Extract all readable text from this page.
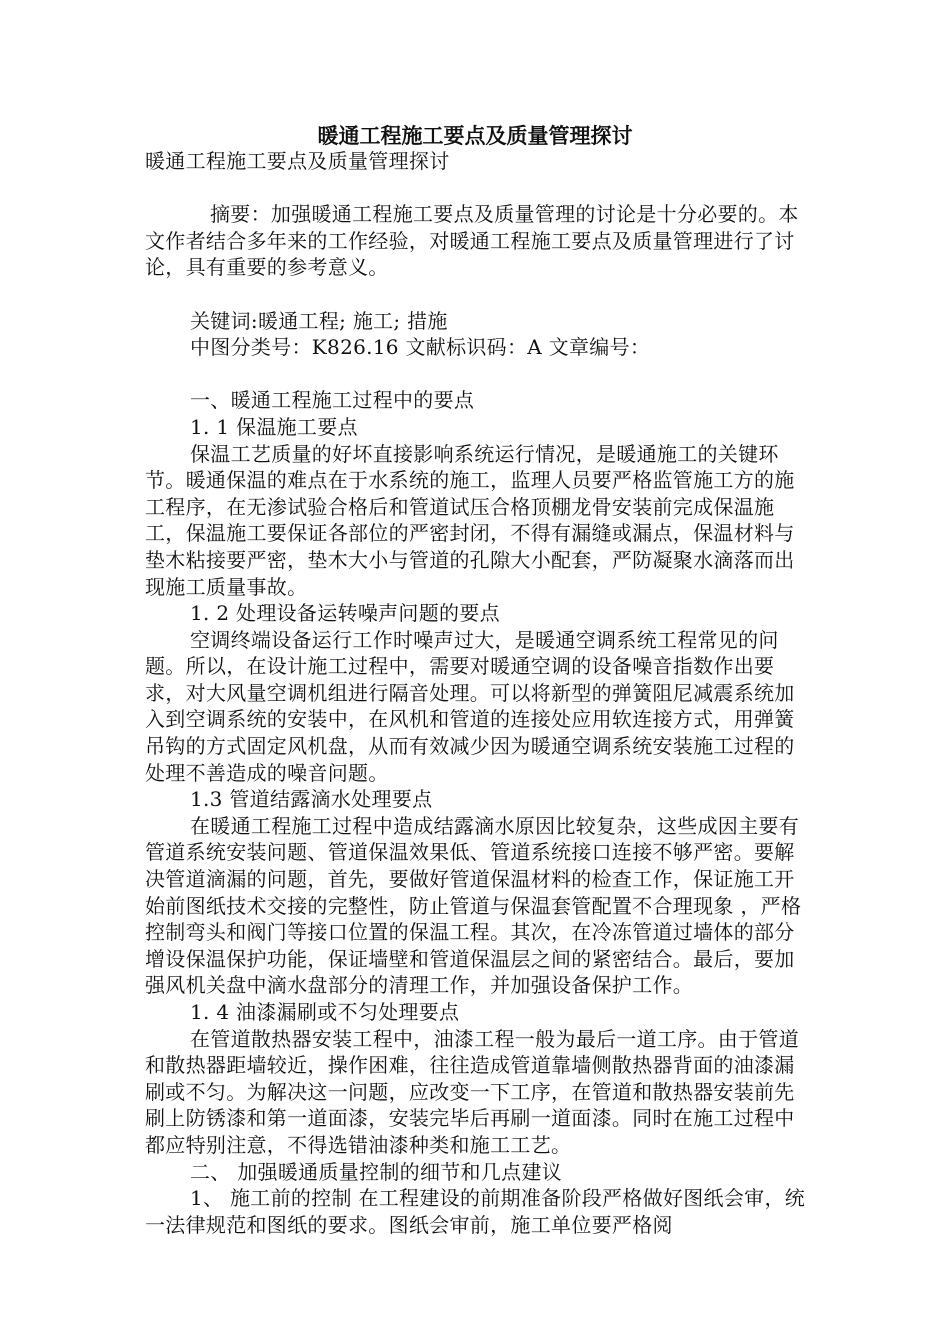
暖通工程施工要点及质量管理探讨

暖通工程施工要点及质量管理探讨

摘要：加强暖通工程施工要点及质量管理的讨论是十分必要的。本文作者结合多年来的工作经验，对暖通工程施工要点及质量管理进行了讨论，具有重要的参考意义。

关键词:暖通工程; 施工; 措施

中图分类号：K826.16 文献标识码：A 文章编号：

一、暖通工程施工过程中的要点

1. 1 保温施工要点

保温工艺质量的好坏直接影响系统运行情况，是暖通施工的关键环节。暖通保温的难点在于水系统的施工，监理人员要严格监管施工方的施工程序，在无渗试验合格后和管道试压合格顶棚龙骨安装前完成保温施工，保温施工要保证各部位的严密封闭，不得有漏缝或漏点，保温材料与垫木粘接要严密，垫木大小与管道的孔隙大小配套，严防凝聚水滴落而出现施工质量事故。

1. 2 处理设备运转噪声问题的要点

空调终端设备运行工作时噪声过大，是暖通空调系统工程常见的问题。所以，在设计施工过程中，需要对暖通空调的设备噪音指数作出要求，对大风量空调机组进行隔音处理。可以将新型的弹簧阻尼减震系统加入到空调系统的安装中，在风机和管道的连接处应用软连接方式，用弹簧吊钩的方式固定风机盘，从而有效减少因为暖通空调系统安装施工过程的处理不善造成的噪音问题。

1.3 管道结露滴水处理要点

在暖通工程施工过程中造成结露滴水原因比较复杂，这些成因主要有管道系统安装问题、管道保温效果低、管道系统接口连接不够严密。要解决管道滴漏的问题，首先，要做好管道保温材料的检查工作，保证施工开始前图纸技术交接的完整性，防止管道与保温套管配置不合理现象 ，严格控制弯头和阀门等接口位置的保温工程。其次，在冷冻管道过墙体的部分增设保温保护功能，保证墙壁和管道保温层之间的紧密结合。最后，要加强风机关盘中滴水盘部分的清理工作，并加强设备保护工作。

1. 4 油漆漏刷或不匀处理要点

在管道散热器安装工程中，油漆工程一般为最后一道工序。由于管道和散热器距墙较近，操作困难，往往造成管道靠墙侧散热器背面的油漆漏刷或不匀。为解决这一问题，应改变一下工序，在管道和散热器安装前先刷上防锈漆和第一道面漆，安装完毕后再刷一道面漆。同时在施工过程中都应特别注意，不得选错油漆种类和施工工艺。

二、 加强暖通质量控制的细节和几点建议

1、 施工前的控制 在工程建设的前期准备阶段严格做好图纸会审，统一法律规范和图纸的要求。图纸会审前，施工单位要严格阅
